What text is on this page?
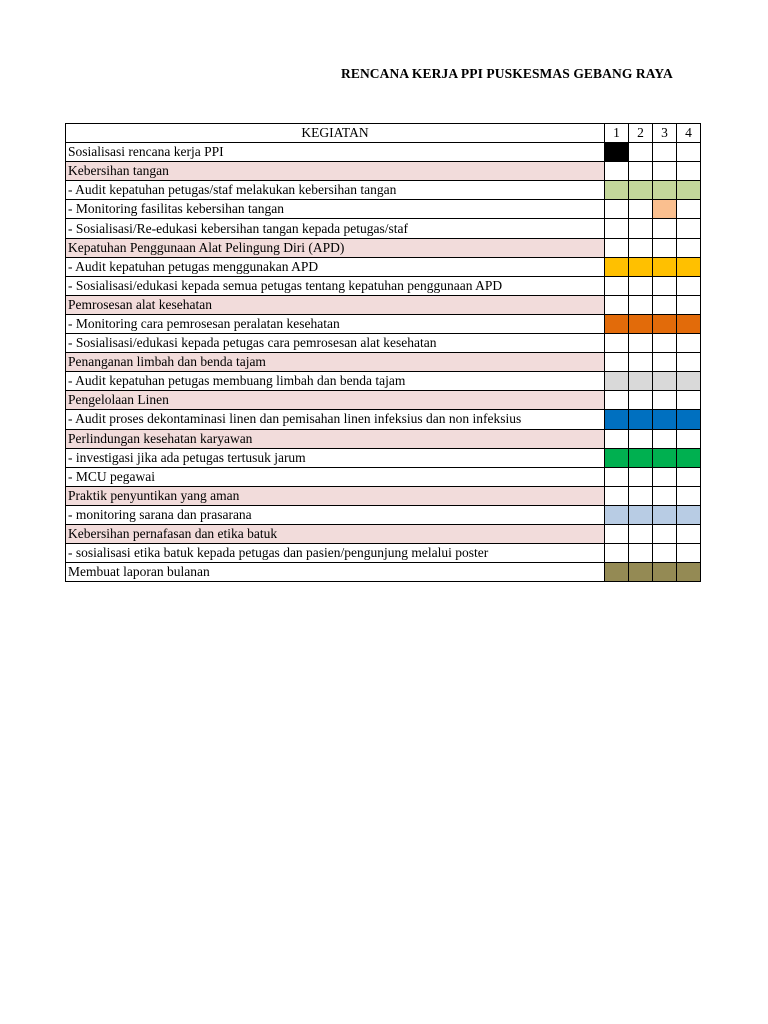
RENCANA KERJA PPI PUSKESMAS GEBANG RAYA
KEGIATAN	1	2	3	4
Sosialisasi rencana kerja PPI				
Kebersihan tangan				
- Audit kepatuhan petugas/staf melakukan kebersihan tangan				
- Monitoring fasilitas kebersihan tangan				
- Sosialisasi/Re-edukasi kebersihan tangan kepada petugas/staf				
Kepatuhan Penggunaan Alat Pelingung Diri (APD)				
- Audit kepatuhan petugas menggunakan APD				
- Sosialisasi/edukasi kepada semua petugas tentang kepatuhan penggunaan APD				
Pemrosesan alat kesehatan				
- Monitoring cara pemrosesan peralatan kesehatan				
- Sosialisasi/edukasi kepada petugas cara pemrosesan alat kesehatan				
Penanganan limbah dan benda tajam				
- Audit kepatuhan petugas membuang limbah dan benda tajam				
Pengelolaan Linen				
- Audit proses dekontaminasi linen dan pemisahan linen infeksius dan non infeksius				
Perlindungan kesehatan karyawan				
- investigasi jika ada petugas tertusuk jarum				
- MCU pegawai				
Praktik penyuntikan yang aman				
- monitoring sarana dan prasarana				
Kebersihan pernafasan dan etika batuk				
- sosialisasi etika batuk kepada petugas dan pasien/pengunjung melalui poster				
Membuat laporan bulanan				
